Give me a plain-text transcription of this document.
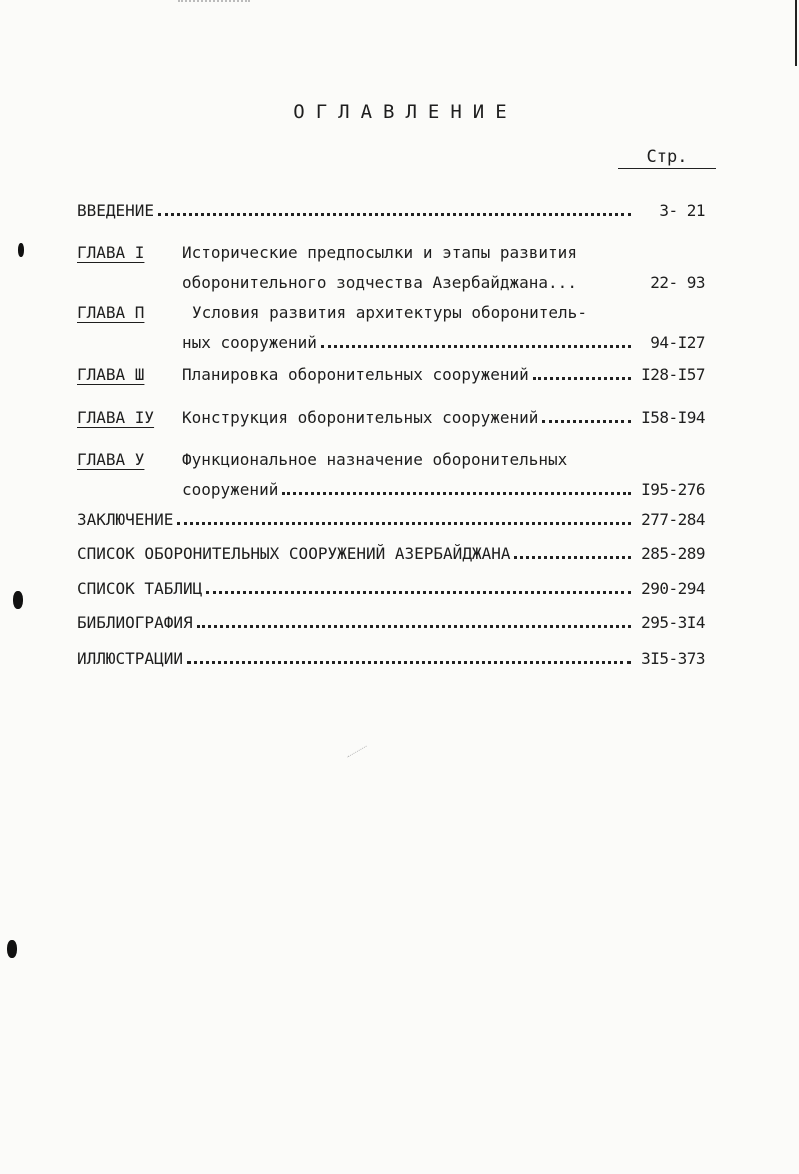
ОГЛАВЛЕНИЕ
Стр.
ВВЕДЕНИЕ	3- 21
ГЛАВА I	Исторические предпосылки и этапы развития
оборонительного зодчества Азербайджана...	22- 93
ГЛАВА П	Условия развития архитектуры оборонитель-
ных сооружений	94-I27
ГЛАВА Ш	Планировка оборонительных сооружений	I28-I57
ГЛАВА IУ	Конструкция оборонительных сооружений	I58-I94
ГЛАВА У	Функциональное назначение оборонительных
сооружений	I95-276
ЗАКЛЮЧЕНИЕ	277-284
СПИСОК ОБОРОНИТЕЛЬНЫХ СООРУЖЕНИЙ АЗЕРБАЙДЖАНА	285-289
СПИСОК ТАБЛИЦ	290-294
БИБЛИОГРАФИЯ	295-3I4
ИЛЛЮСТРАЦИИ	3I5-373
